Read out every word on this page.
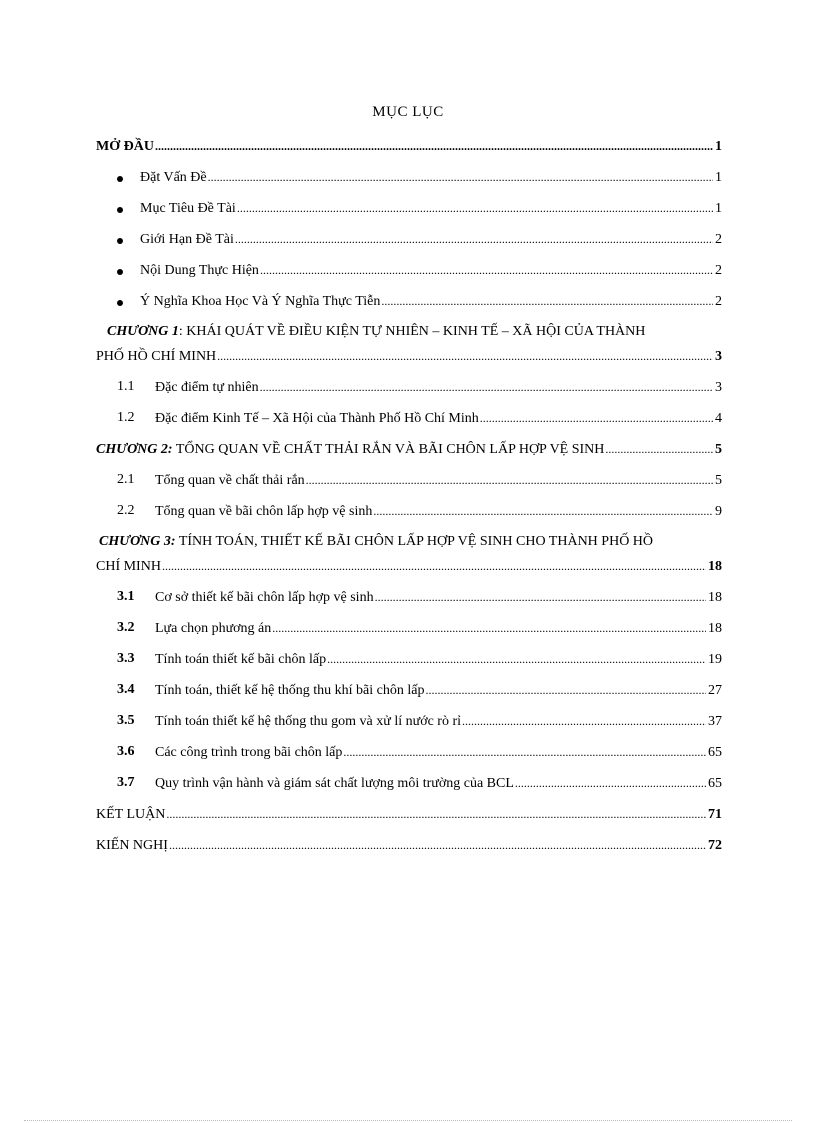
MỤC LỤC
MỞ ĐẦU .....	1
Đặt Vấn Đề .....	1
Mục Tiêu Đề Tài .....	1
Giới Hạn Đề Tài .....	2
Nội Dung Thực Hiện .....	2
Ý Nghĩa Khoa Học Và Ý Nghĩa Thực Tiễn .....	2
CHƯƠNG 1: KHÁI QUÁT VỀ ĐIỀU KIỆN TỰ NHIÊN – KINH TẾ – XÃ HỘI CỦA THÀNH
PHỐ HỒ CHÍ MINH .....	3
1.1 Đặc điểm tự nhiên .....	3
1.2 Đặc điểm Kinh Tế – Xã Hội của Thành Phố Hồ Chí Minh .....	4
CHƯƠNG 2: TỔNG QUAN VỀ CHẤT THẢI RẮN VÀ BÃI CHÔN LẤP HỢP VỆ SINH .....	5
2.1 Tổng quan về chất thải rắn .....	5
2.2 Tổng quan về bãi chôn lấp hợp vệ sinh .....	9
CHƯƠNG 3: TÍNH TOÁN, THIẾT KẾ BÃI CHÔN LẤP HỢP VỆ SINH CHO THÀNH PHỐ HỒ
CHÍ MINH .....	18
3.1 Cơ sở thiết kế bãi chôn lấp hợp vệ sinh .....	18
3.2 Lựa chọn phương án .....	18
3.3 Tính toán thiết kế bãi chôn lấp .....	19
3.4 Tính toán, thiết kế hệ thống thu khí bãi chôn lấp .....	27
3.5 Tính toán thiết kế hệ thống thu gom và xử lí nước rò rỉ .....	37
3.6 Các công trình trong bãi chôn lấp .....	65
3.7 Quy trình vận hành và giám sát chất lượng môi trường của BCL .....	65
KẾT LUẬN .....	71
KIẾN NGHỊ .....	72
